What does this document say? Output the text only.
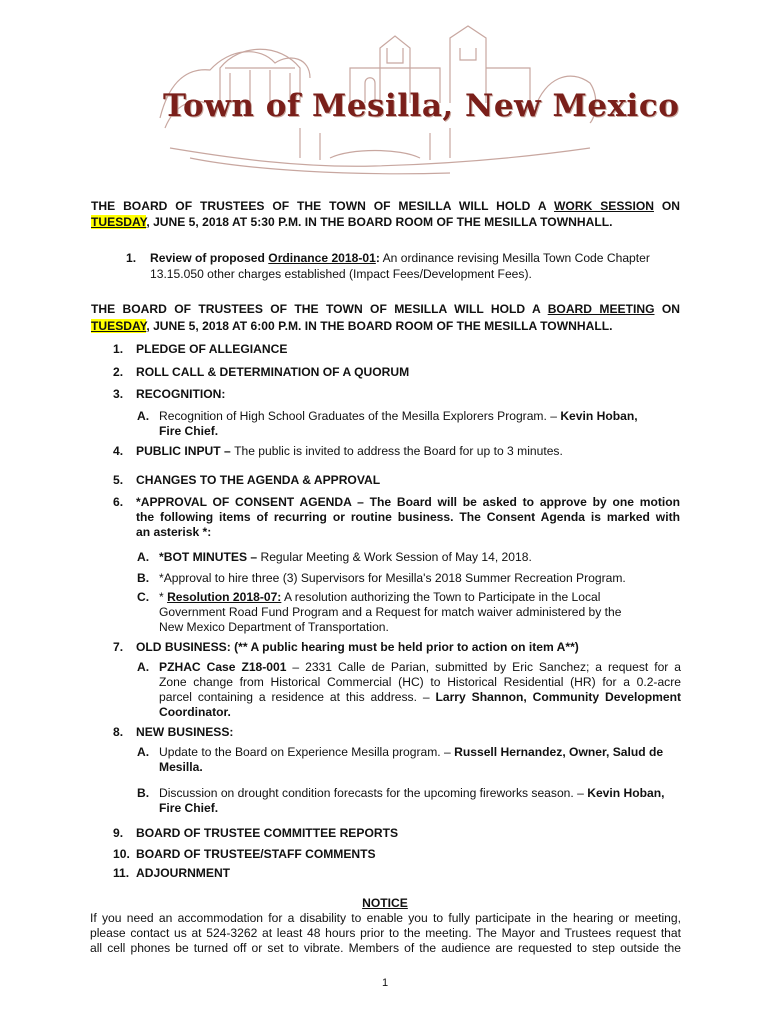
Town of Mesilla, New Mexico
THE BOARD OF TRUSTEES OF THE TOWN OF MESILLA WILL HOLD A WORK SESSION ON
TUESDAY, JUNE 5, 2018 AT 5:30 P.M. IN THE BOARD ROOM OF THE MESILLA TOWNHALL.
1. Review of proposed Ordinance 2018-01: An ordinance revising Mesilla Town Code Chapter
13.15.050 other charges established (Impact Fees/Development Fees).
THE BOARD OF TRUSTEES OF THE TOWN OF MESILLA WILL HOLD A BOARD MEETING ON
TUESDAY, JUNE 5, 2018 AT 6:00 P.M. IN THE BOARD ROOM OF THE MESILLA TOWNHALL.
1.	PLEDGE OF ALLEGIANCE
2.	ROLL CALL & DETERMINATION OF A QUORUM
3.	RECOGNITION:
A. Recognition of High School Graduates of the Mesilla Explorers Program. – Kevin Hoban,
Fire Chief.
4.	PUBLIC INPUT – The public is invited to address the Board for up to 3 minutes.
5.	CHANGES TO THE AGENDA & APPROVAL
6.	*APPROVAL OF CONSENT AGENDA – The Board will be asked to approve by one motion
the following items of recurring or routine business. The Consent Agenda is marked with
an asterisk *:
A. *BOT MINUTES – Regular Meeting & Work Session of May 14, 2018.
B. *Approval to hire three (3) Supervisors for Mesilla's 2018 Summer Recreation Program.
C. * Resolution 2018-07: A resolution authorizing the Town to Participate in the Local
Government Road Fund Program and a Request for match waiver administered by the
New Mexico Department of Transportation.
7.	OLD BUSINESS: (** A public hearing must be held prior to action on item A**)
A. PZHAC Case Z18-001 – 2331 Calle de Parian, submitted by Eric Sanchez; a request for a
Zone change from Historical Commercial (HC) to Historical Residential (HR) for a 0.2-acre
parcel containing a residence at this address. – Larry Shannon, Community Development
Coordinator.
8.	NEW BUSINESS:
A. Update to the Board on Experience Mesilla program. – Russell Hernandez, Owner, Salud de
Mesilla.
B. Discussion on drought condition forecasts for the upcoming fireworks season. – Kevin Hoban,
Fire Chief.
9.	BOARD OF TRUSTEE COMMITTEE REPORTS
10. BOARD OF TRUSTEE/STAFF COMMENTS
11. ADJOURNMENT
NOTICE
If you need an accommodation for a disability to enable you to fully participate in the hearing or meeting,
please contact us at 524-3262 at least 48 hours prior to the meeting. The Mayor and Trustees request that
all cell phones be turned off or set to vibrate. Members of the audience are requested to step outside the
1
